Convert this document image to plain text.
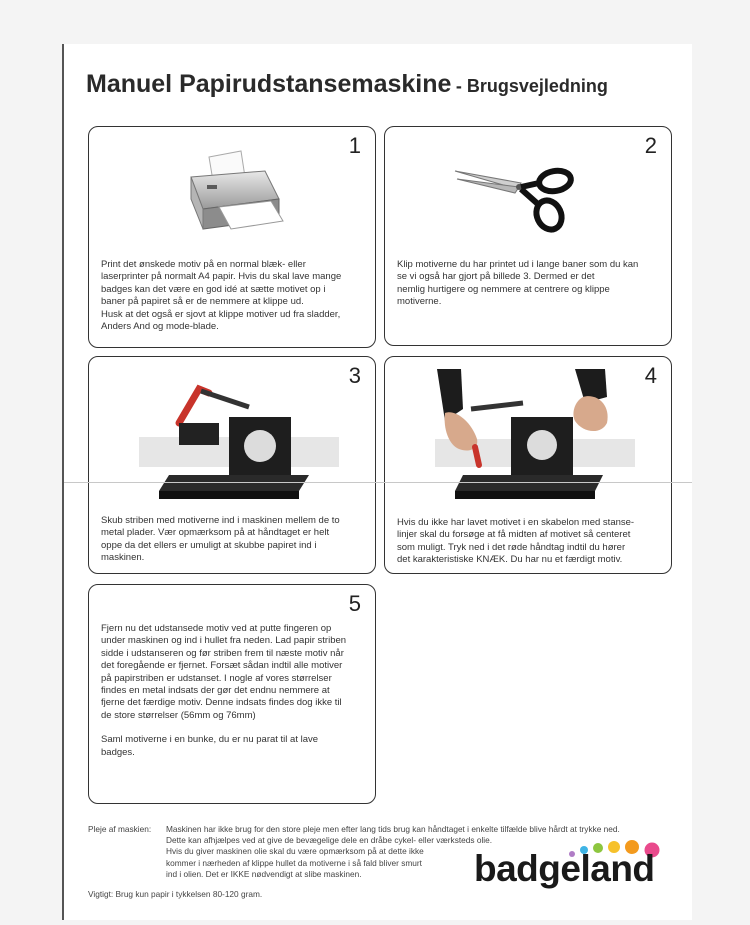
Manuel Papirudstansemaskine - Brugsvejledning
1
Print det ønskede motiv på en normal blæk- eller
laserprinter på normalt A4 papir. Hvis du skal lave mange
badges kan det være en god idé at sætte motivet op i
baner på papiret så er de nemmere at klippe ud.
Husk at det også er sjovt at klippe motiver ud fra sladder,
Anders And og mode-blade.
2
Klip motiverne du har printet ud i lange baner som du kan
se vi også har gjort på billede 3. Dermed er det
nemlig hurtigere og nemmere at centrere og klippe
motiverne.
3
Skub striben med motiverne ind i maskinen mellem de to
metal plader. Vær opmærksom på at håndtaget er helt
oppe da det ellers er umuligt at skubbe papiret ind i
maskinen.
4
Hvis du ikke har lavet motivet i en skabelon med stanse-
linjer skal du forsøge at få midten af motivet så centeret
som muligt. Tryk ned i det røde håndtag indtil du hører
det karakteristiske KNÆK. Du har nu et færdigt motiv.
5
Fjern nu det udstansede motiv ved at putte fingeren op
under maskinen og ind i hullet fra neden. Lad papir striben
sidde i udstanseren og før striben frem til næste motiv når
det foregående er fjernet. Forsæt sådan indtil alle motiver
på papirstriben er udstanset. I nogle af vores størrelser
findes en metal indsats der gør det endnu nemmere at
fjerne det færdige motiv. Denne indsats findes dog ikke til
de store størrelser (56mm og 76mm)
Saml motiverne i en bunke, du er nu parat til at lave
badges.
Pleje af maskien: Maskinen har ikke brug for den store pleje men efter lang tids brug kan håndtaget i enkelte tilfælde blive hårdt at trykke ned.
Dette kan afhjælpes ved at give de bevægelige dele en dråbe cykel- eller værksteds olie.
Hvis du giver maskinen olie skal du være opmærksom på at dette ikke
kommer i nærheden af klippe hullet da motiverne i så fald bliver smurt
ind i olien. Det er IKKE nødvendigt at slibe maskinen.	badgeland
Vigtigt: Brug kun papir i tykkelsen 80-120 gram.
